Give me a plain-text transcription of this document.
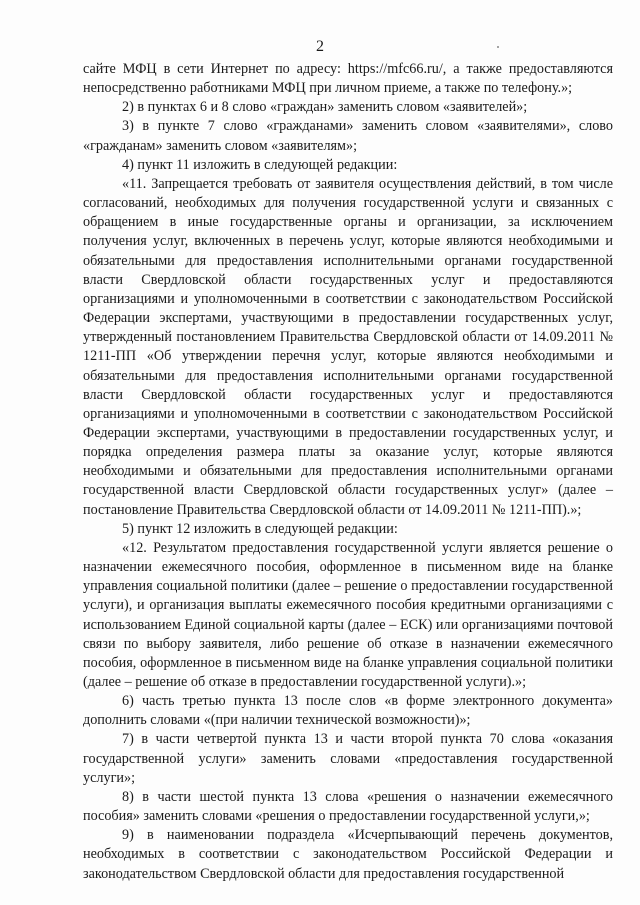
2

сайте МФЦ в сети Интернет по адресу: https://mfc66.ru/, а также предоставляются непосредственно работниками МФЦ при личном приеме, а также по телефону.»;

2) в пунктах 6 и 8 слово «граждан» заменить словом «заявителей»;

3) в пункте 7 слово «гражданами» заменить словом «заявителями», слово «гражданам» заменить словом «заявителям»;

4) пункт 11 изложить в следующей редакции:

«11. Запрещается требовать от заявителя осуществления действий, в том числе согласований, необходимых для получения государственной услуги и связанных с обращением в иные государственные органы и организации, за исключением получения услуг, включенных в перечень услуг, которые являются необходимыми и обязательными для предоставления исполнительными органами государственной власти Свердловской области государственных услуг и предоставляются организациями и уполномоченными в соответствии с законодательством Российской Федерации экспертами, участвующими в предоставлении государственных услуг, утвержденный постановлением Правительства Свердловской области от 14.09.2011 № 1211-ПП «Об утверждении перечня услуг, которые являются необходимыми и обязательными для предоставления исполнительными органами государственной власти Свердловской области государственных услуг и предоставляются организациями и уполномоченными в соответствии с законодательством Российской Федерации экспертами, участвующими в предоставлении государственных услуг, и порядка определения размера платы за оказание услуг, которые являются необходимыми и обязательными для предоставления исполнительными органами государственной власти Свердловской области государственных услуг» (далее – постановление Правительства Свердловской области от 14.09.2011 № 1211-ПП).»;

5) пункт 12 изложить в следующей редакции:

«12. Результатом предоставления государственной услуги является решение о назначении ежемесячного пособия, оформленное в письменном виде на бланке управления социальной политики (далее – решение о предоставлении государственной услуги), и организация выплаты ежемесячного пособия кредитными организациями с использованием Единой социальной карты (далее – ЕСК) или организациями почтовой связи по выбору заявителя, либо решение об отказе в назначении ежемесячного пособия, оформленное в письменном виде на бланке управления социальной политики (далее – решение об отказе в предоставлении государственной услуги).»;

6) часть третью пункта 13 после слов «в форме электронного документа» дополнить словами «(при наличии технической возможности)»;

7) в части четвертой пункта 13 и части второй пункта 70 слова «оказания государственной услуги» заменить словами «предоставления государственной услуги»;

8) в части шестой пункта 13 слова «решения о назначении ежемесячного пособия» заменить словами «решения о предоставлении государственной услуги,»;

9) в наименовании подраздела «Исчерпывающий перечень документов, необходимых в соответствии с законодательством Российской Федерации и законодательством Свердловской области для предоставления государственной
